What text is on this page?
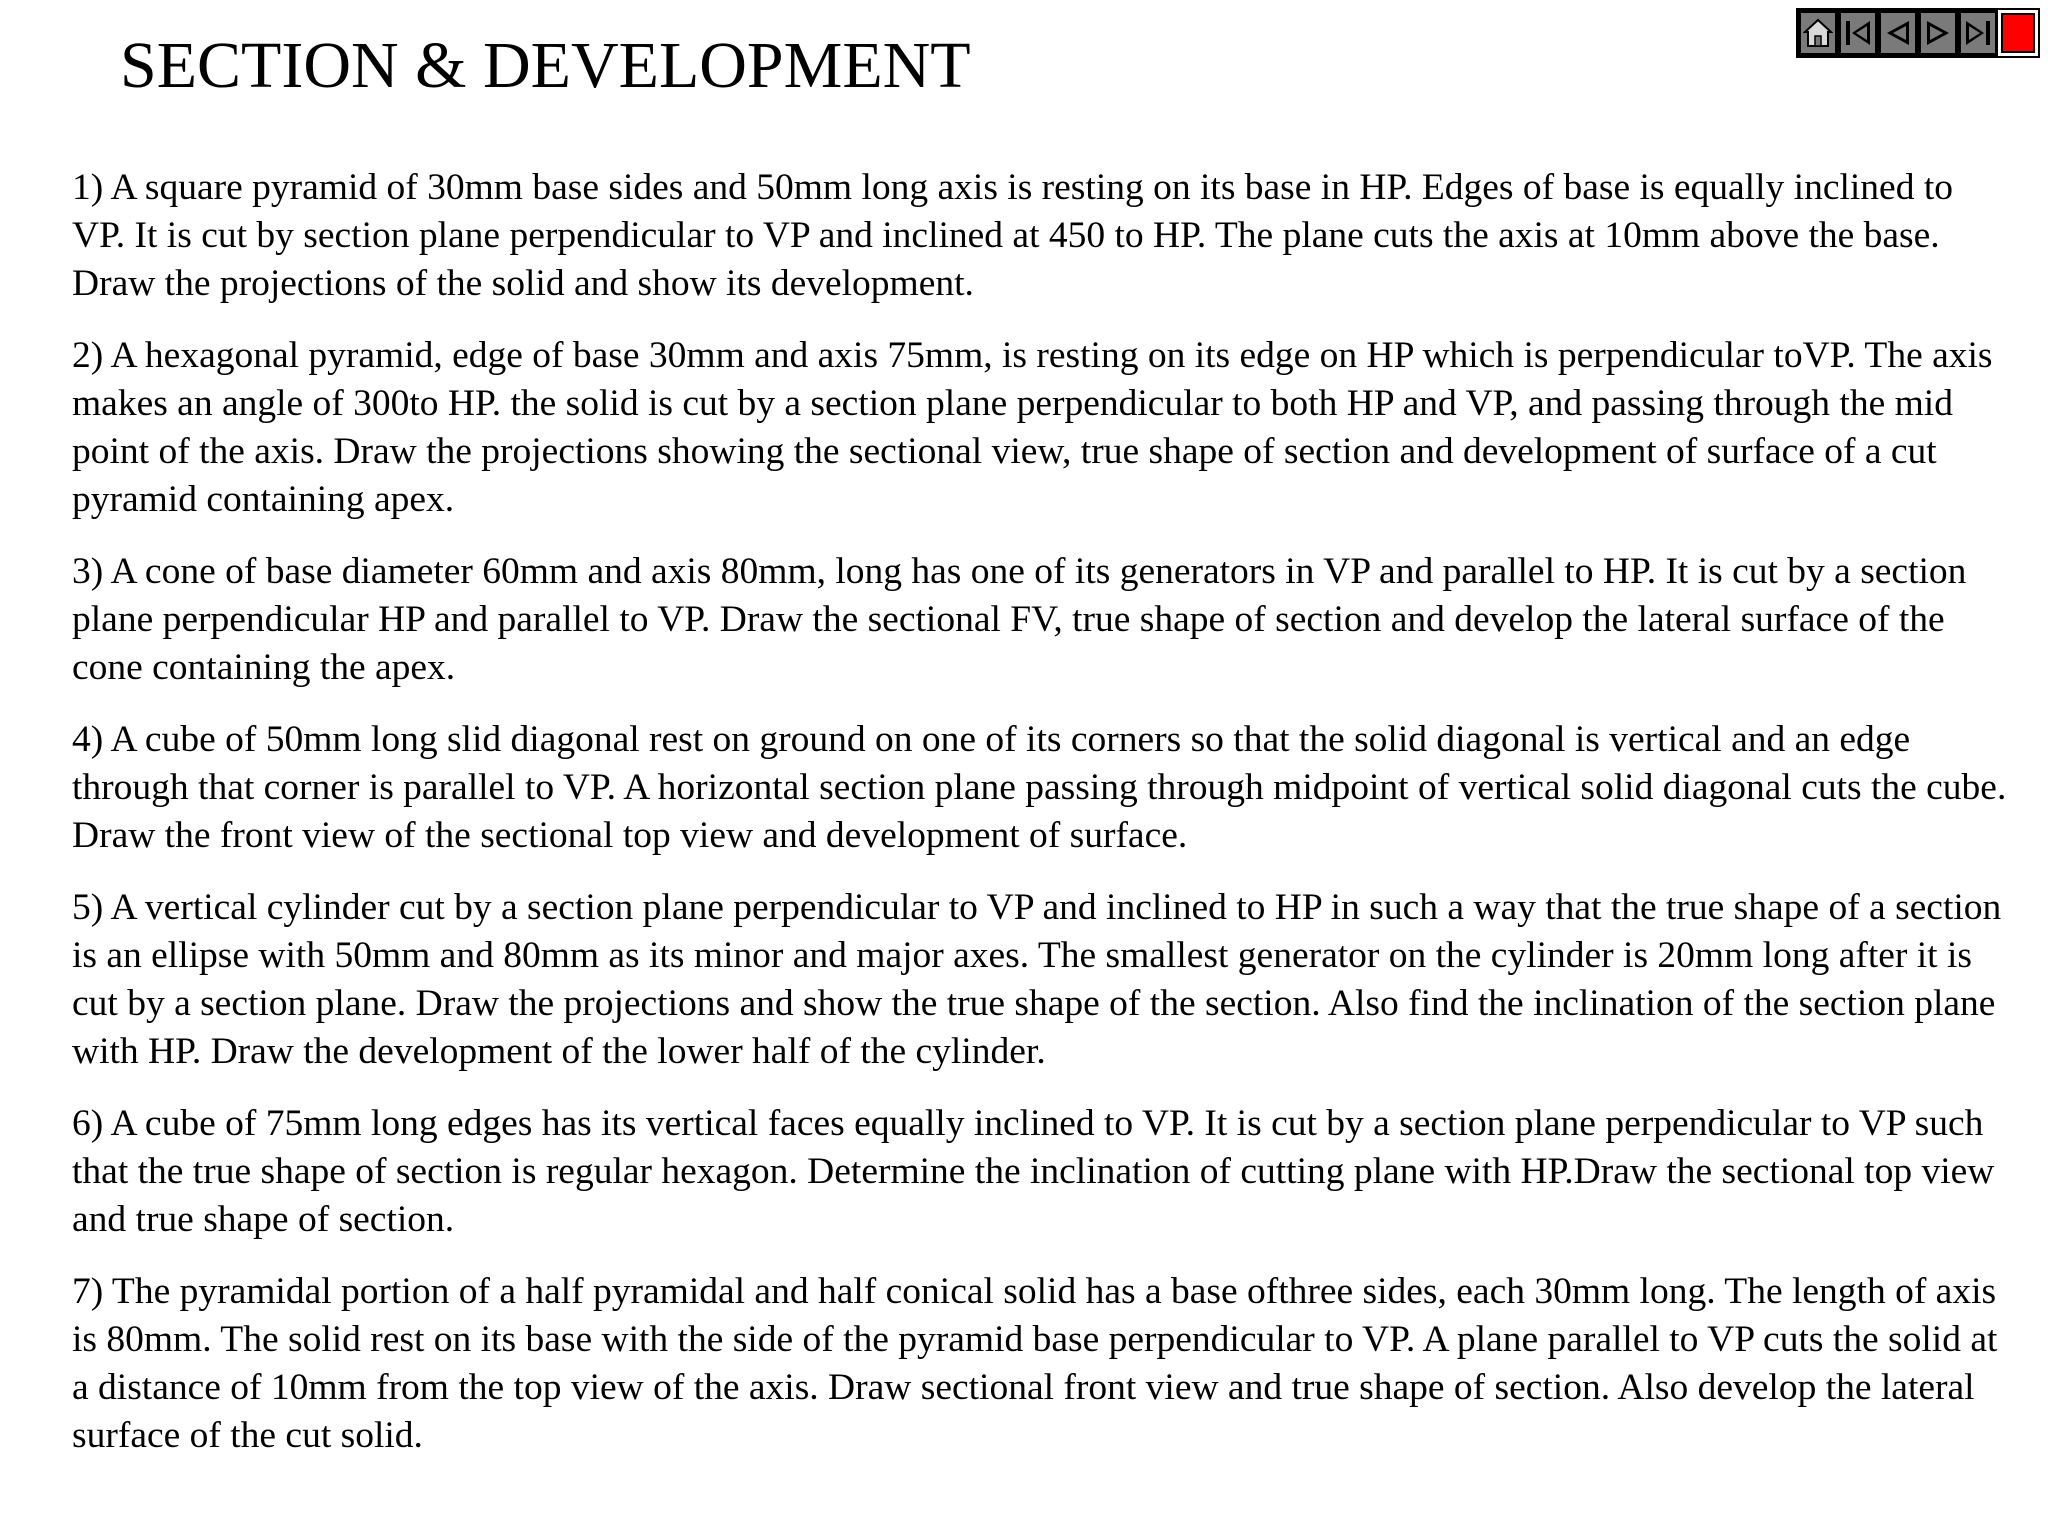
SECTION & DEVELOPMENT

1) A square pyramid of 30mm base sides and 50mm long axis is resting on its base in HP. Edges of base is equally inclined to VP. It is cut by section plane perpendicular to VP and inclined at 450 to HP. The plane cuts the axis at 10mm above the base. Draw the projections of the solid and show its development.

2) A hexagonal pyramid, edge of base 30mm and axis 75mm, is resting on its edge on HP which is perpendicular toVP. The axis makes an angle of 300to HP. the solid is cut by a section plane perpendicular to both HP and VP, and passing through the mid point of the axis. Draw the projections showing the sectional view, true shape of section and development of surface of a cut pyramid containing apex.

3) A cone of base diameter 60mm and axis 80mm, long has one of its generators in VP and parallel to HP. It is cut by a section plane perpendicular HP and parallel to VP. Draw the sectional FV, true shape of section and develop the lateral surface of the cone containing the apex.

4) A cube of 50mm long slid diagonal rest on ground on one of its corners so that the solid diagonal is vertical and an edge through that corner is parallel to VP. A horizontal section plane passing through midpoint of vertical solid diagonal cuts the cube. Draw the front view of the sectional top view and development of surface.

5) A vertical cylinder cut by a section plane perpendicular to VP and inclined to HP in such a way that the true shape of a section is an ellipse with 50mm and 80mm as its minor and major axes. The smallest generator on the cylinder is 20mm long after it is cut by a section plane. Draw the projections and show the true shape of the section. Also find the inclination of the section plane with HP. Draw the development of the lower half of the cylinder.

6) A cube of 75mm long edges has its vertical faces equally inclined to VP. It is cut by a section plane perpendicular to VP such that the true shape of section is regular hexagon. Determine the inclination of cutting plane with HP.Draw the sectional top view and true shape of section.

7) The pyramidal portion of a half pyramidal and half conical solid has a base ofthree sides, each 30mm long. The length of axis is 80mm. The solid rest on its base with the side of the pyramid base perpendicular to VP. A plane parallel to VP cuts the solid at a distance of 10mm from the top view of the axis. Draw sectional front view and true shape of section. Also develop the lateral surface of the cut solid.
